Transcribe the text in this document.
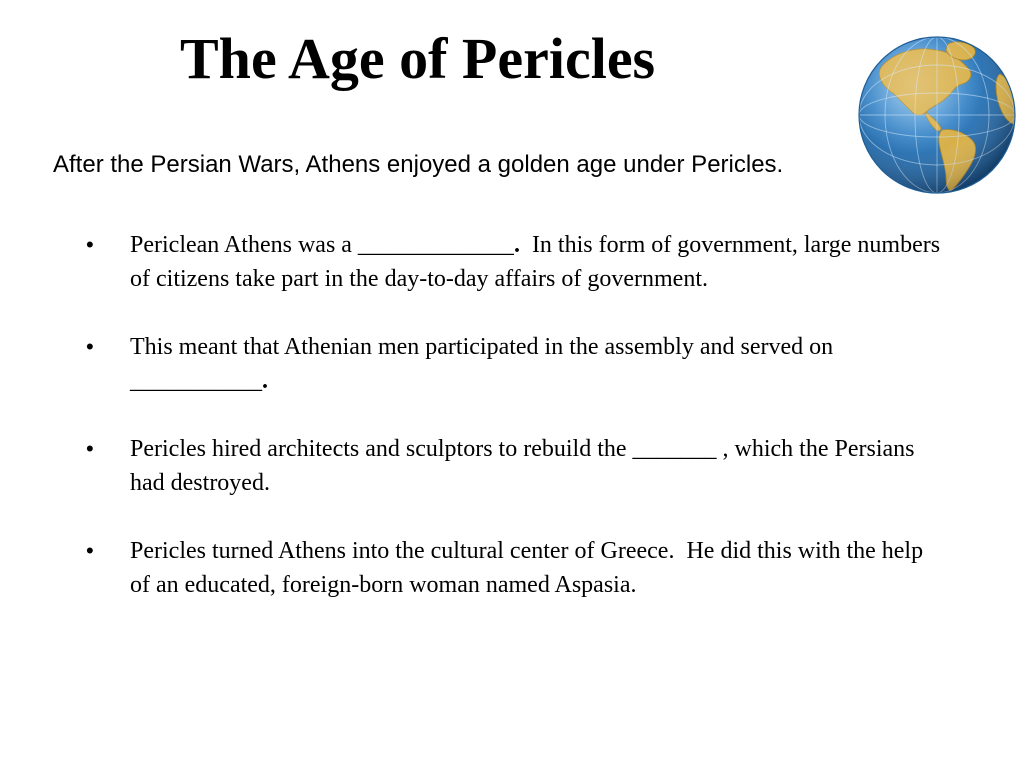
The Age of Pericles

After the Persian Wars, Athens enjoyed a golden age under Pericles.

•	Periclean Athens was a _____________.  In this form of government, large numbers of citizens take part in the day-to-day affairs of government.
•	This meant that Athenian men participated in the assembly and served on ___________.
•	Pericles hired architects and sculptors to rebuild the _______ , which the Persians had destroyed.
•	Pericles turned Athens into the cultural center of Greece.  He did this with the help of an educated, foreign-born woman named Aspasia.
